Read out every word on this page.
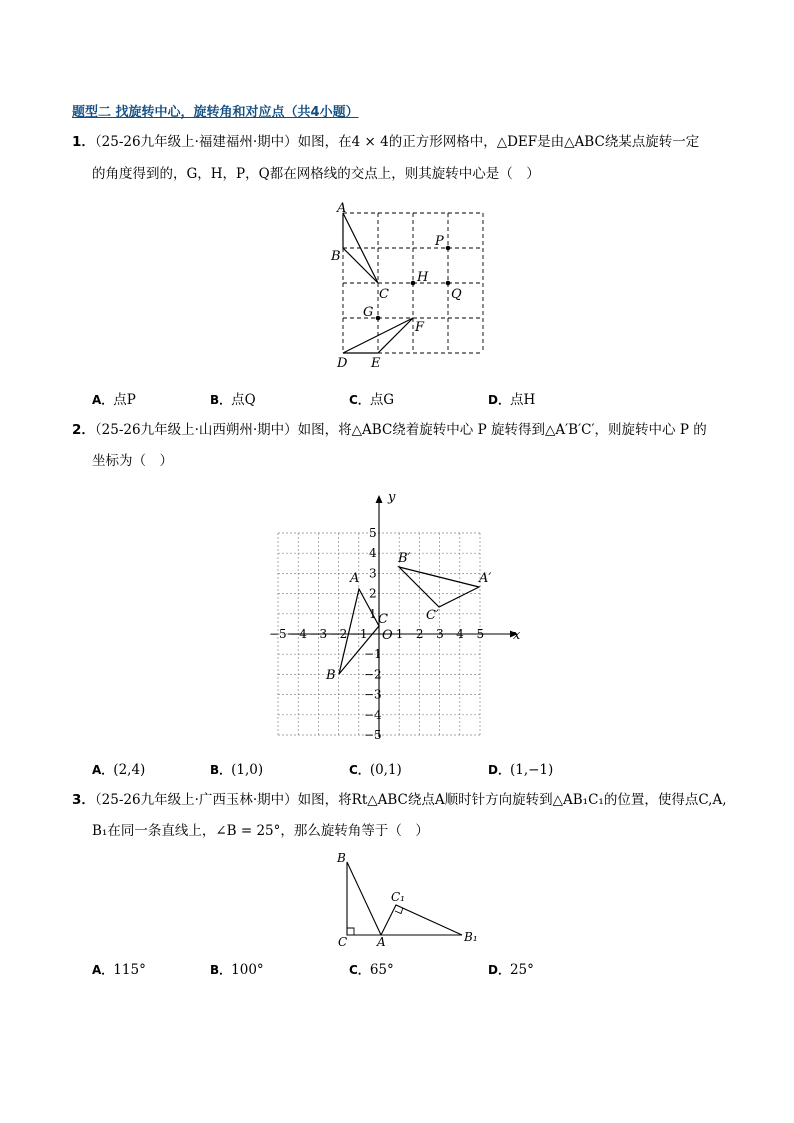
题型二 找旋转中心，旋转角和对应点（共4小题）
1．（25-26九年级上·福建福州·期中）如图，在4 × 4的正方形网格中，△DEF是由△ABC绕某点旋转一定
的角度得到的，G，H，P，Q都在网格线的交点上，则其旋转中心是（　）
A
B
C
D E
F
G
H
P
Q
A．点P	B．点Q	C．点G	D．点H
2．（25-26九年级上·山西朔州·期中）如图，将△ABC绕着旋转中心 P 旋转得到△A′B′C′，则旋转中心 P 的
坐标为（　）
−5 −4 −3 −2 −1 1 2 3 4 5
5
4
3
2
1
−1
−2
−3
−4
−5
A
B
C
A′
B′
C′
O	x
y
A．(2,4)	B．(1,0)	C．(0,1)	D．(1,−1)
3．（25-26九年级上·广西玉林·期中）如图，将Rt△ABC绕点A顺时针方向旋转到△AB₁C₁的位置，使得点C,A,
B₁在同一条直线上，∠B = 25°，那么旋转角等于（　）
B
C A
C₁
B₁
A．115°	B．100°	C．65°	D．25°
